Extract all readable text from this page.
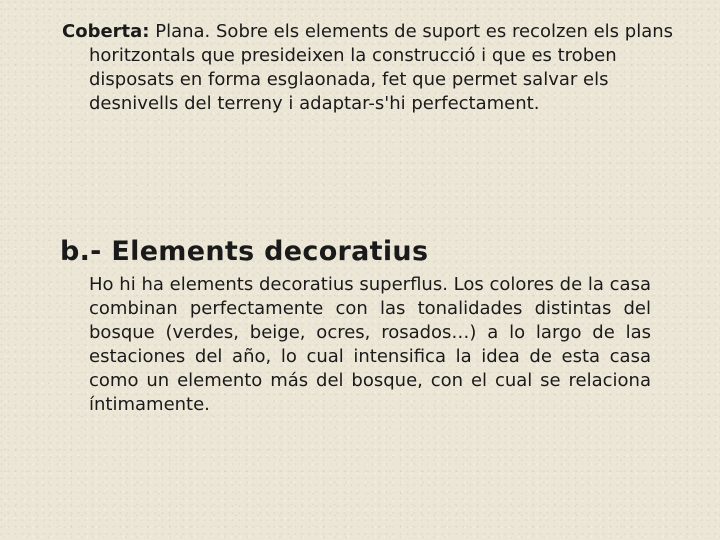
Coberta: Plana. Sobre els elements de suport es recolzen els plans horitzontals que presideixen la construcció i que es troben disposats en forma esglaonada, fet que permet salvar els desnivells del terreny i adaptar-s'hi perfectament.

b.- Elements decoratius

Ho hi ha elements decoratius superflus. Los colores de la casa combinan perfectamente con las tonalidades distintas del bosque (verdes, beige, ocres, rosados…) a lo largo de las estaciones del año, lo cual intensifica la idea de esta casa como un elemento más del bosque, con el cual se relaciona íntimamente.
